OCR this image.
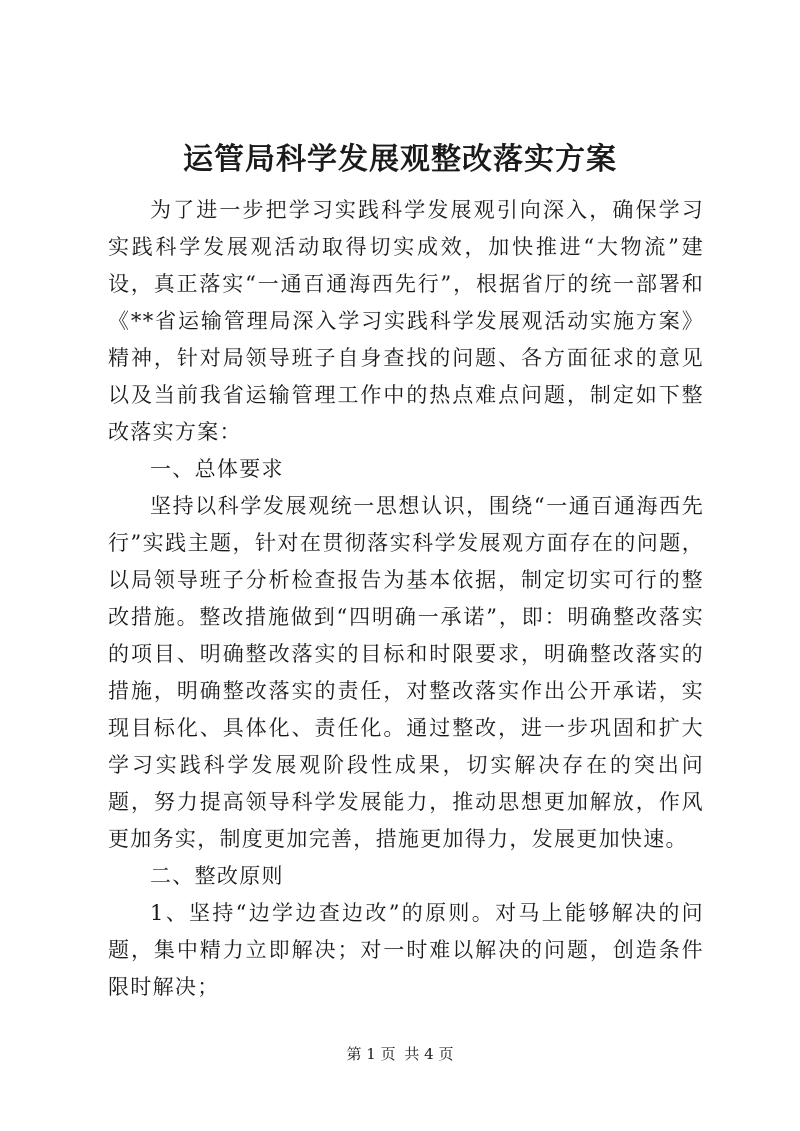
运管局科学发展观整改落实方案

为了进一步把学习实践科学发展观引向深入，确保学习实践科学发展观活动取得切实成效，加快推进“大物流”建设，真正落实“一通百通海西先行”，根据省厅的统一部署和《**省运输管理局深入学习实践科学发展观活动实施方案》精神，针对局领导班子自身查找的问题、各方面征求的意见以及当前我省运输管理工作中的热点难点问题，制定如下整改落实方案：

一、总体要求

坚持以科学发展观统一思想认识，围绕“一通百通海西先行”实践主题，针对在贯彻落实科学发展观方面存在的问题，以局领导班子分析检查报告为基本依据，制定切实可行的整改措施。整改措施做到“四明确一承诺”，即：明确整改落实的项目、明确整改落实的目标和时限要求，明确整改落实的措施，明确整改落实的责任，对整改落实作出公开承诺，实现目标化、具体化、责任化。通过整改，进一步巩固和扩大学习实践科学发展观阶段性成果，切实解决存在的突出问题，努力提高领导科学发展能力，推动思想更加解放，作风更加务实，制度更加完善，措施更加得力，发展更加快速。

二、整改原则

1、坚持“边学边查边改”的原则。对马上能够解决的问题，集中精力立即解决；对一时难以解决的问题，创造条件限时解决；

第 1 页 共 4 页
